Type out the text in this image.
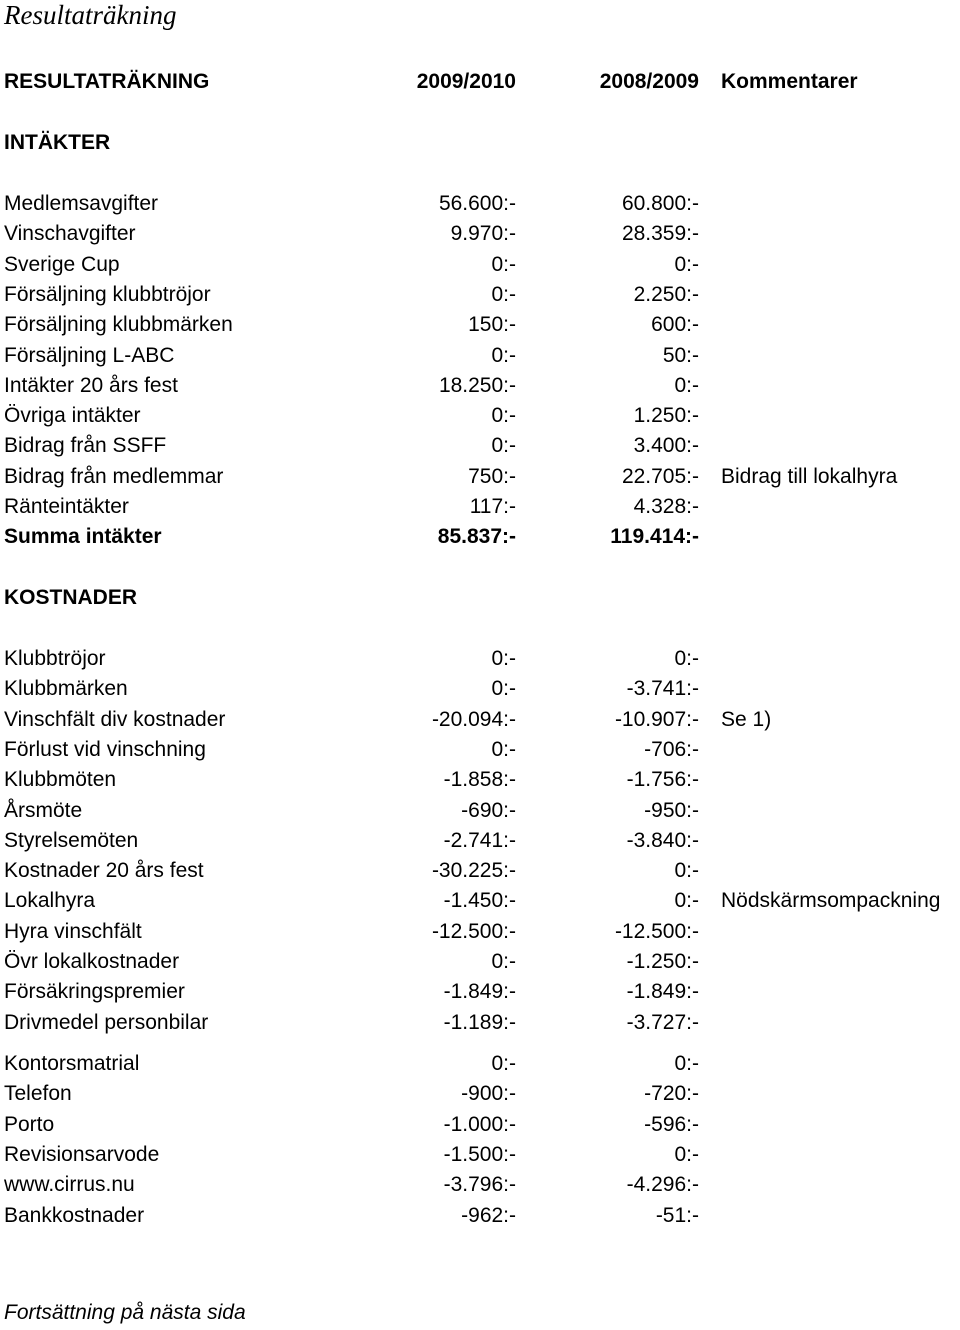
Resultaträkning
RESULTATRÄKNING	2009/2010	2008/2009 Kommentarer
INTÄKTER
Medlemsavgifter	56.600:-	60.800:-
Vinschavgifter	9.970:-	28.359:-
Sverige Cup	0:-	0:-
Försäljning klubbtröjor	0:-	2.250:-
Försäljning klubbmärken	150:-	600:-
Försäljning L-ABC	0:-	50:-
Intäkter 20 års fest	18.250:-	0:-
Övriga intäkter	0:-	1.250:-
Bidrag från SSFF	0:-	3.400:-
Bidrag från medlemmar	750:-	22.705:- Bidrag till lokalhyra
Ränteintäkter	117:-	4.328:-
Summa intäkter	85.837:-	119.414:-
KOSTNADER
Klubbtröjor	0:-	0:-
Klubbmärken	0:-	-3.741:-
Vinschfält div kostnader	-20.094:-	-10.907:- Se 1)
Förlust vid vinschning	0:-	-706:-
Klubbmöten	-1.858:-	-1.756:-
Årsmöte	-690:-	-950:-
Styrelsemöten	-2.741:-	-3.840:-
Kostnader 20 års fest	-30.225:-	0:-
Lokalhyra	-1.450:-	0:- Nödskärmsompackning
Hyra vinschfält	-12.500:-	-12.500:-
Övr lokalkostnader	0:-	-1.250:-
Försäkringspremier	-1.849:-	-1.849:-
Drivmedel personbilar	-1.189:-	-3.727:-
Kontorsmatrial	0:-	0:-
Telefon	-900:-	-720:-
Porto	-1.000:-	-596:-
Revisionsarvode	-1.500:-	0:-
www.cirrus.nu	-3.796:-	-4.296:-
Bankkostnader	-962:-	-51:-
Fortsättning på nästa sida
